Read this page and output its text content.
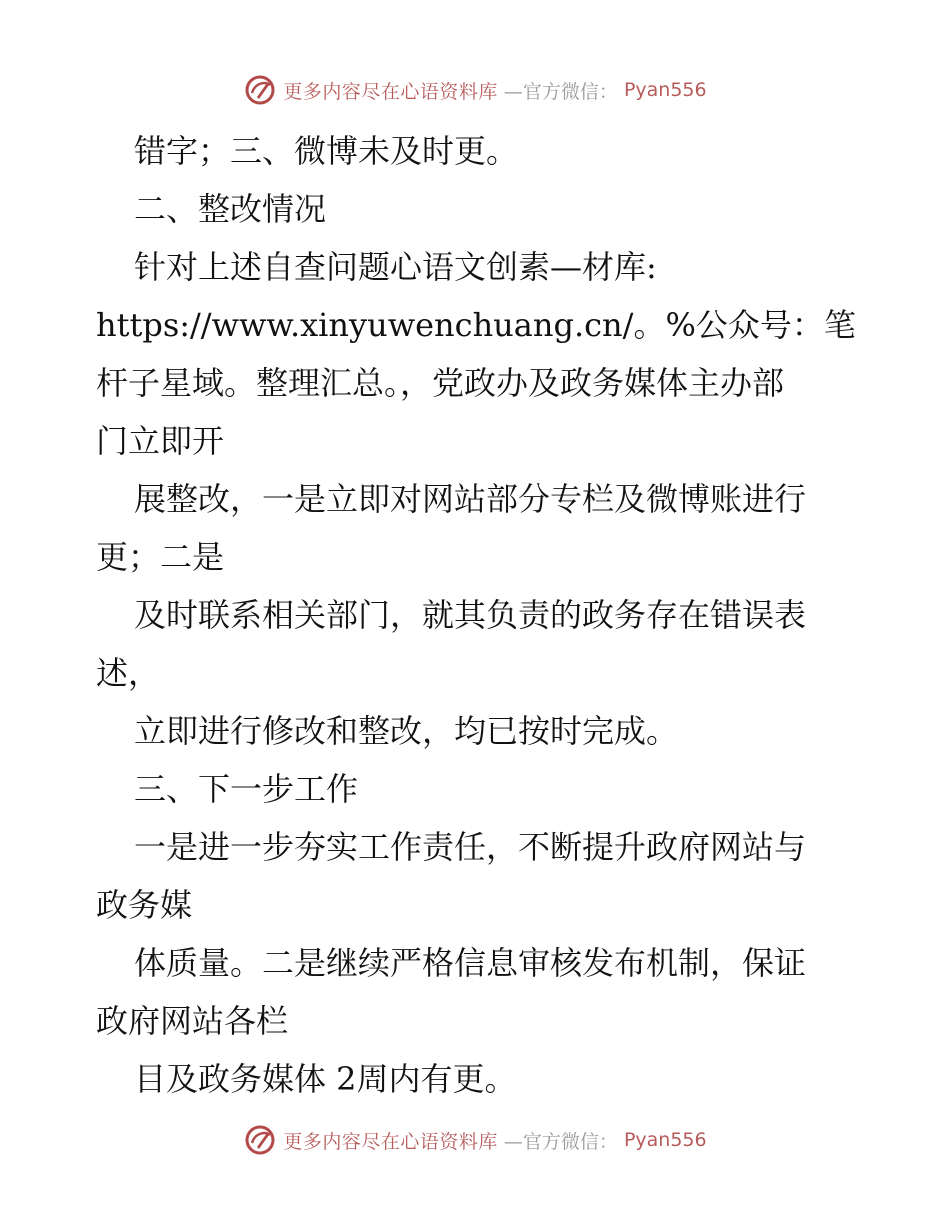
更多内容尽在心语资料库 —官方微信： Pyan556
错字；三、微博未及时更。
二、整改情况
针对上述自查问题心语文创素—材库:
https://www.xinyuwenchuang.cn/。%公众号：笔
杆子星域。整理汇总。，党政办及政务媒体主办部
门立即开
展整改，一是立即对网站部分专栏及微博账进行
更；二是
及时联系相关部门，就其负责的政务存在错误表
述，
立即进行修改和整改，均已按时完成。
三、下一步工作
一是进一步夯实工作责任，不断提升政府网站与
政务媒
体质量。二是继续严格信息审核发布机制，保证
政府网站各栏
目及政务媒体 2周内有更。
更多内容尽在心语资料库 —官方微信： Pyan556
